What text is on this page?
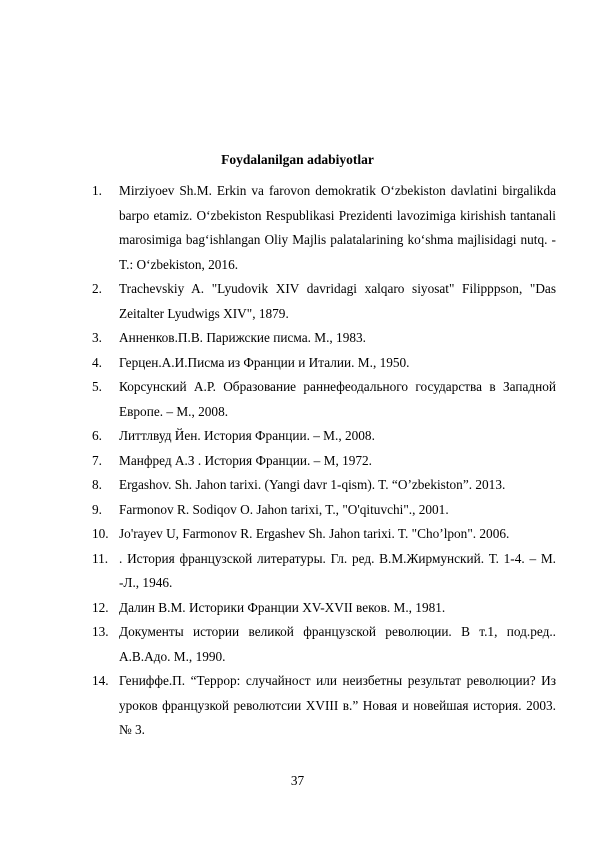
Foydalanilgan adabiyotlar
1. Mirziyoev Sh.M. Erkin va farovon demokratik O‘zbekiston davlatini birgalikda barpo etamiz. O‘zbekiston Respublikasi Prezidenti lavozimiga kirishish tantanali marosimiga bag‘ishlangan Oliy Majlis palatalarining ko‘shma majlisidagi nutq. -T.: O‘zbekiston, 2016.
2. Trachevskiy A. "Lyudovik XIV davridagi xalqaro siyosat" Filipppson, "Das Zeitalter Lyudwigs XIV", 1879.
3. Анненков.П.В. Парижские писма. М., 1983.
4. Герцен.А.И.Писма из Франции и Италии. М., 1950.
5. Корсунский А.Р. Образование раннефеодального государства в Западной Европе. – М., 2008.
6. Литтлвуд Йен. История Франции. – М., 2008.
7. Манфред А.З . История Франции. – М, 1972.
8. Ergashov. Sh. Jahon tarixi. (Yangi davr 1-qism). T. “O’zbekiston”. 2013.
9. Farmonov R. Sodiqov O. Jahon tarixi, T., "O'qituvchi"., 2001.
10. Jo'rayev U, Farmonov R. Ergashev Sh. Jahon tarixi. T. "Cho’lpon". 2006.
11. . История французской литературы. Гл. ред. В.М.Жирмунский. Т. 1-4. – М. -Л., 1946.
12. Далин В.М. Историки Франции XV-XVII веков. М., 1981.
13. Документы истории великой французской революции. В т.1, под.ред.. А.В.Адо. М., 1990.
14. Гениффе.П. “Террор: случайност или неизбетны результат революции? Из уроков французкой револютсии XVIII в.” Новая и новейшая история. 2003. № 3.
37
